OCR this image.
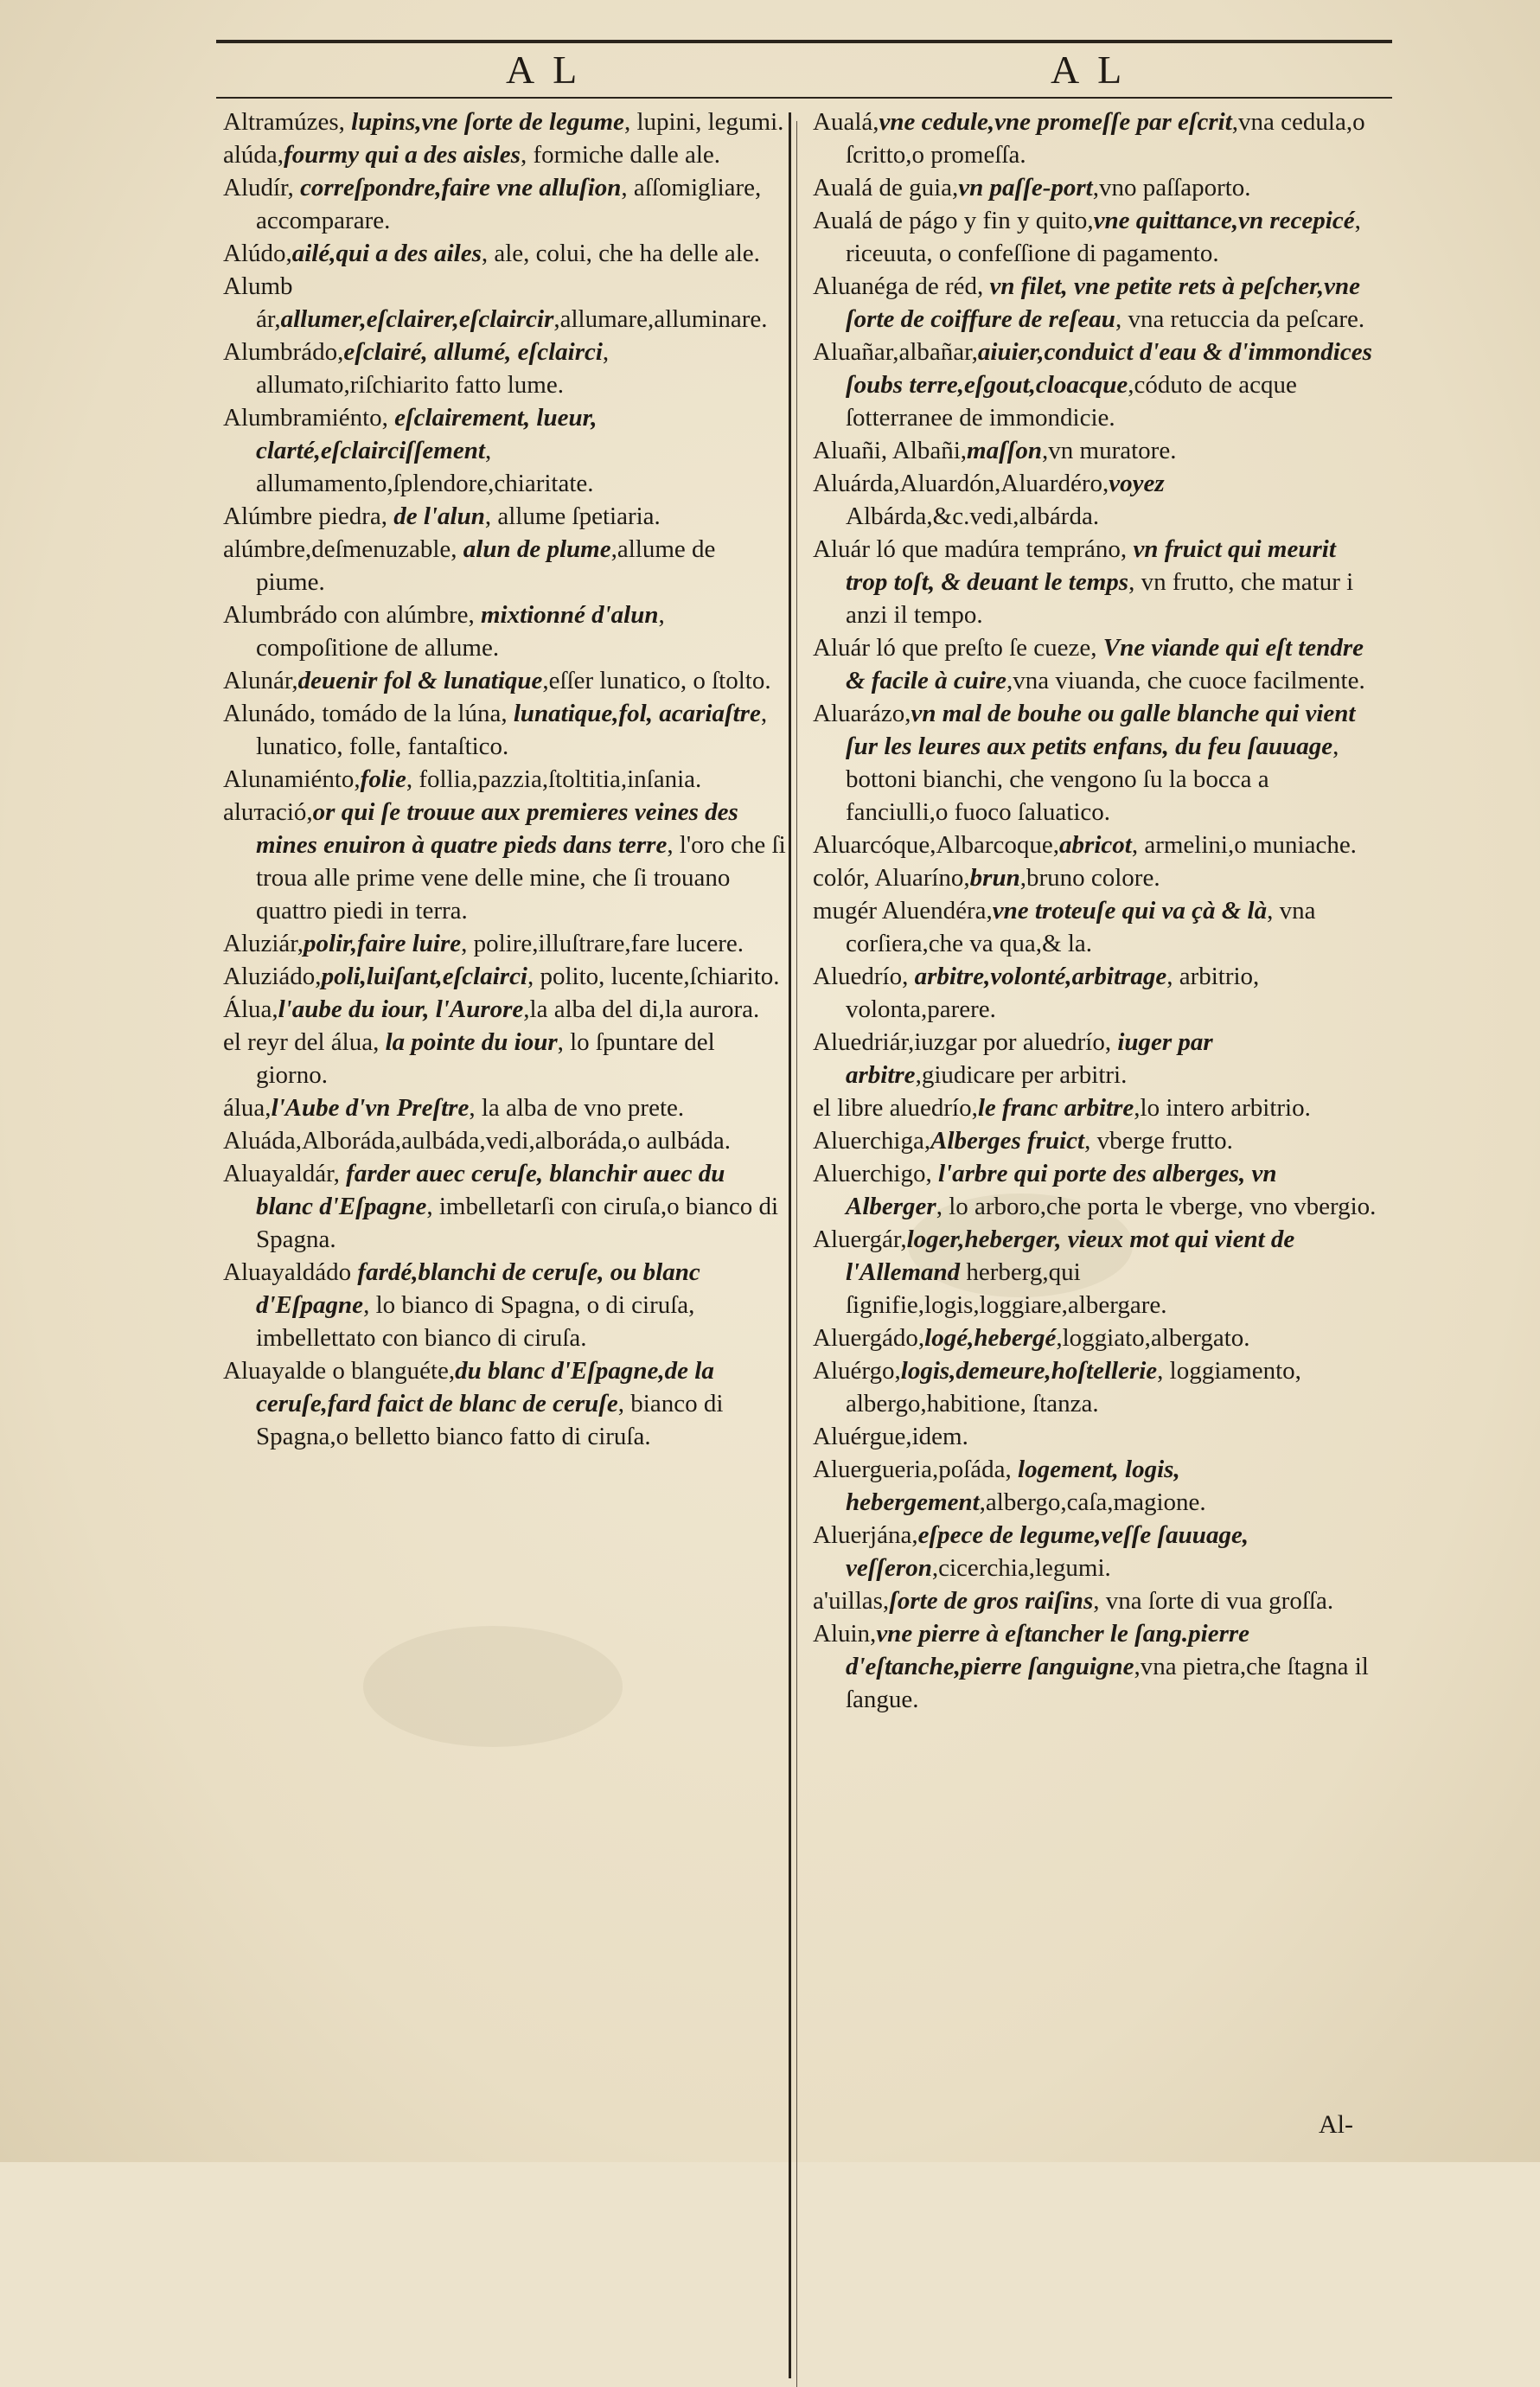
A L	A L

Altramúzes, lupins,vne ſorte de legume, lupini, legumi.

alúda,fourmy qui a des aisles, formiche dalle ale.

Aludír, correſpondre,faire vne alluſion, aſſomigliare, accomparare.

Alúdo,ailé,qui a des ailes, ale, colui, che ha delle ale.

Alumb ár,allumer,eſclairer,eſclaircir,allumare,alluminare.

Alumbrádo,eſclairé, allumé, eſclairci, allumato,riſchiarito fatto lume.

Alumbramiénto, eſclairement, lueur, clarté,eſclairciſſement, allumamento,ſplendore,chiaritate.

Alúmbre piedra, de l'alun, allume ſpetiaria.

alúmbre,deſmenuzable, alun de plume,allume de piume.

Alumbrádo con alúmbre, mixtionné d'alun, compoſitione de allume.

Alunár,deuenir fol & lunatique,eſſer lunatico, o ſtolto.

Alunádo, tomádo de la lúna, lunatique,fol, acariaſtre, lunatico, folle, fantaſtico.

Alunamiénto,folie, follia,pazzia,ſtoltitia,inſania.

aluтació,or qui ſe trouue aux premieres veines des mines enuiron à quatre pieds dans terre, l'oro che ſi troua alle prime vene delle mine, che ſi trouano quattro piedi in terra.

Aluziár,polir,faire luire, polire,illuſtrare,fare lucere.

Aluziádo,poli,luiſant,eſclairci, polito, lucente,ſchiarito.

Álua,l'aube du iour, l'Aurore,la alba del di,la aurora.

el reyr del álua, la pointe du iour, lo ſpuntare del giorno.

álua,l'Aube d'vn Preſtre, la alba de vno prete.

Aluáda,Alboráda,aulbáda,vedi,alboráda,o aulbáda.

Aluayaldár, farder auec ceruſe, blanchir auec du blanc d'Eſpagne, imbelletarſi con ciruſa,o bianco di Spagna.

Aluayaldádo fardé,blanchi de ceruſe, ou blanc d'Eſpagne, lo bianco di Spagna, o di ciruſa, imbellettato con bianco di ciruſa.

Aluayalde o blanguéte,du blanc d'Eſpagne,de la ceruſe,fard faict de blanc de ceruſe, bianco di Spagna,o belletto bianco fatto di ciruſa.

Aualá,vne cedule,vne promeſſe par eſcrit,vna cedula,o ſcritto,o promeſſa.

Aualá de guia,vn paſſe-port,vno paſſaporto.

Aualá de págo y fin y quito,vne quittance,vn recepicé, riceuuta, o confeſſione di pagamento.

Aluanéga de réd, vn filet, vne petite rets à peſcher,vne ſorte de coiffure de reſeau, vna retuccia da peſcare.

Aluañar,albañar,aiuier,conduict d'eau & d'immondices ſoubs terre,eſgout,cloacque,códuto de acque ſotterranee de immondicie.

Aluañi, Albañi,maſſon,vn muratore.

Aluárda,Aluardón,Aluardéro,voyez Albárda,&c.vedi,albárda.

Aluár ló que madúra tempráno, vn fruict qui meurit trop toſt, & deuant le temps, vn frutto, che matur i anzi il tempo.

Aluár ló que preſto ſe cueze, Vne viande qui eſt tendre & facile à cuire,vna viuanda, che cuoce facilmente.

Aluarázo,vn mal de bouhe ou galle blanche qui vient ſur les leures aux petits enfans, du feu ſauuage, bottoni bianchi, che vengono ſu la bocca a fanciulli,o fuoco ſaluatico.

Aluarcóque,Albarcoque,abricot, armelini,o muniache.

colór, Aluaríno,brun,bruno colore.

mugér Aluendéra,vne troteuſe qui va çà & là, vna corſiera,che va qua,& la.

Aluedrío, arbitre,volonté,arbitrage, arbitrio, volonta,parere.

Aluedriár,iuzgar por aluedrío, iuger par arbitre,giudicare per arbitri.

el libre aluedrío,le franc arbitre,lo intero arbitrio.

Aluerchiga,Alberges fruict, vberge frutto.

Aluerchigo, l'arbre qui porte des alberges, vn Alberger, lo arboro,che porta le vberge, vno vbergio.

Aluergár,loger,heberger, vieux mot qui vient de l'Allemand herberg,qui ſignifie,logis,loggiare,albergare.

Aluergádo,logé,hebergé,loggiato,albergato.

Aluérgo,logis,demeure,hoſtellerie, loggiamento, albergo,habitione, ſtanza.

Aluérgue,idem.

Aluergueria,poſáda, logement, logis, hebergement,albergo,caſa,magione.

Aluerjána,eſpece de legume,veſſe ſauuage, veſſeron,cicerchia,legumi.

a'uillas,ſorte de gros raiſins, vna ſorte di vua groſſa.

Aluin,vne pierre à eſtancher le ſang.pierre d'eſtanche,pierre ſanguigne,vna pietra,che ſtagna il ſangue.

Al-
